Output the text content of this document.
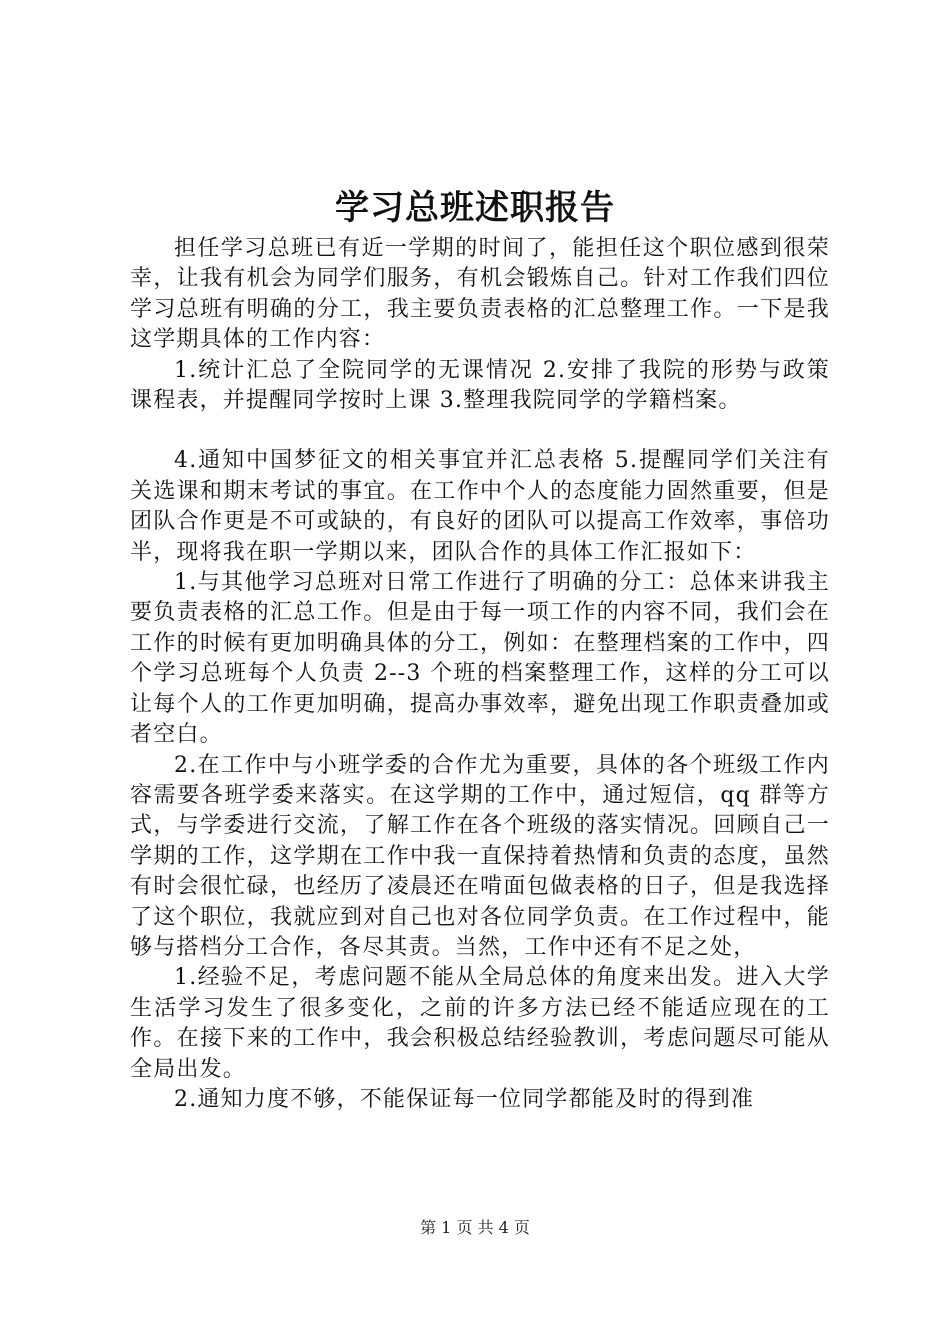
学习总班述职报告

担任学习总班已有近一学期的时间了，能担任这个职位感到很荣幸，让我有机会为同学们服务，有机会锻炼自己。针对工作我们四位学习总班有明确的分工，我主要负责表格的汇总整理工作。一下是我这学期具体的工作内容：

1.统计汇总了全院同学的无课情况 2.安排了我院的形势与政策课程表，并提醒同学按时上课 3.整理我院同学的学籍档案。

4.通知中国梦征文的相关事宜并汇总表格 5.提醒同学们关注有关选课和期末考试的事宜。在工作中个人的态度能力固然重要，但是团队合作更是不可或缺的，有良好的团队可以提高工作效率，事倍功半，现将我在职一学期以来，团队合作的具体工作汇报如下：

1.与其他学习总班对日常工作进行了明确的分工：总体来讲我主要负责表格的汇总工作。但是由于每一项工作的内容不同，我们会在工作的时候有更加明确具体的分工，例如：在整理档案的工作中，四个学习总班每个人负责 2--3 个班的档案整理工作，这样的分工可以让每个人的工作更加明确，提高办事效率，避免出现工作职责叠加或者空白。

2.在工作中与小班学委的合作尤为重要，具体的各个班级工作内容需要各班学委来落实。在这学期的工作中，通过短信，qq 群等方式，与学委进行交流，了解工作在各个班级的落实情况。回顾自己一学期的工作，这学期在工作中我一直保持着热情和负责的态度，虽然有时会很忙碌，也经历了凌晨还在啃面包做表格的日子，但是我选择了这个职位，我就应到对自己也对各位同学负责。在工作过程中，能够与搭档分工合作，各尽其责。当然，工作中还有不足之处，

1.经验不足，考虑问题不能从全局总体的角度来出发。进入大学生活学习发生了很多变化，之前的许多方法已经不能适应现在的工作。在接下来的工作中，我会积极总结经验教训，考虑问题尽可能从全局出发。

2.通知力度不够，不能保证每一位同学都能及时的得到准

第 1 页 共 4 页
